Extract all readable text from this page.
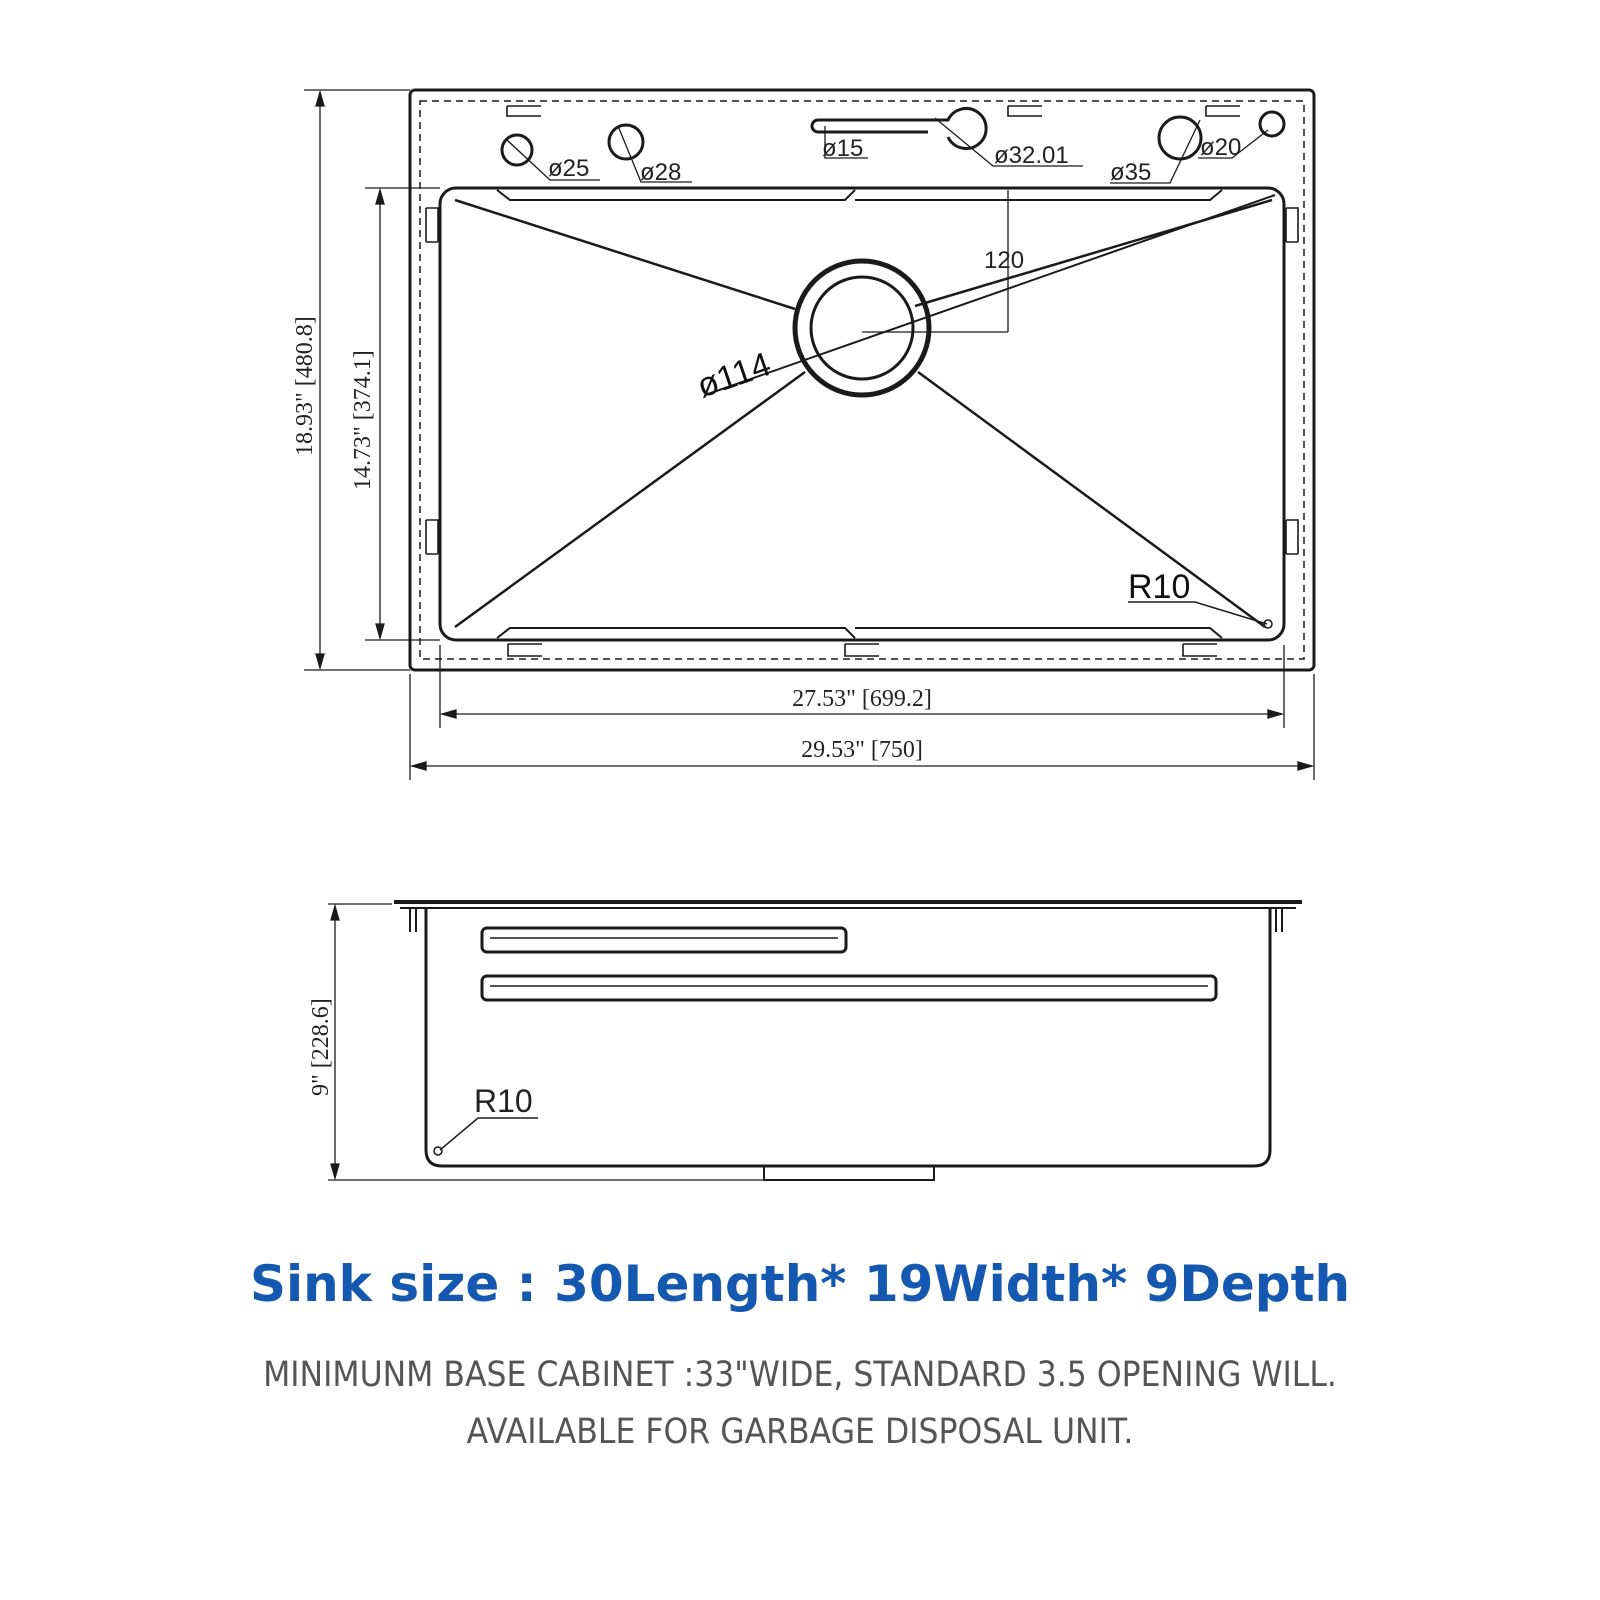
ø25 ø28
ø15	ø32.01
ø35
ø20
ø114
120
R10
18.93" [480.8] 14.73" [374.1]
27.53" [699.2]
29.53" [750]
9" [228.6]
R10
Sink size : 30Length* 19Width* 9Depth
MINIMUNM BASE CABINET :33"WIDE, STANDARD 3.5 OPENING WILL.
AVAILABLE FOR GARBAGE DISPOSAL UNIT.
